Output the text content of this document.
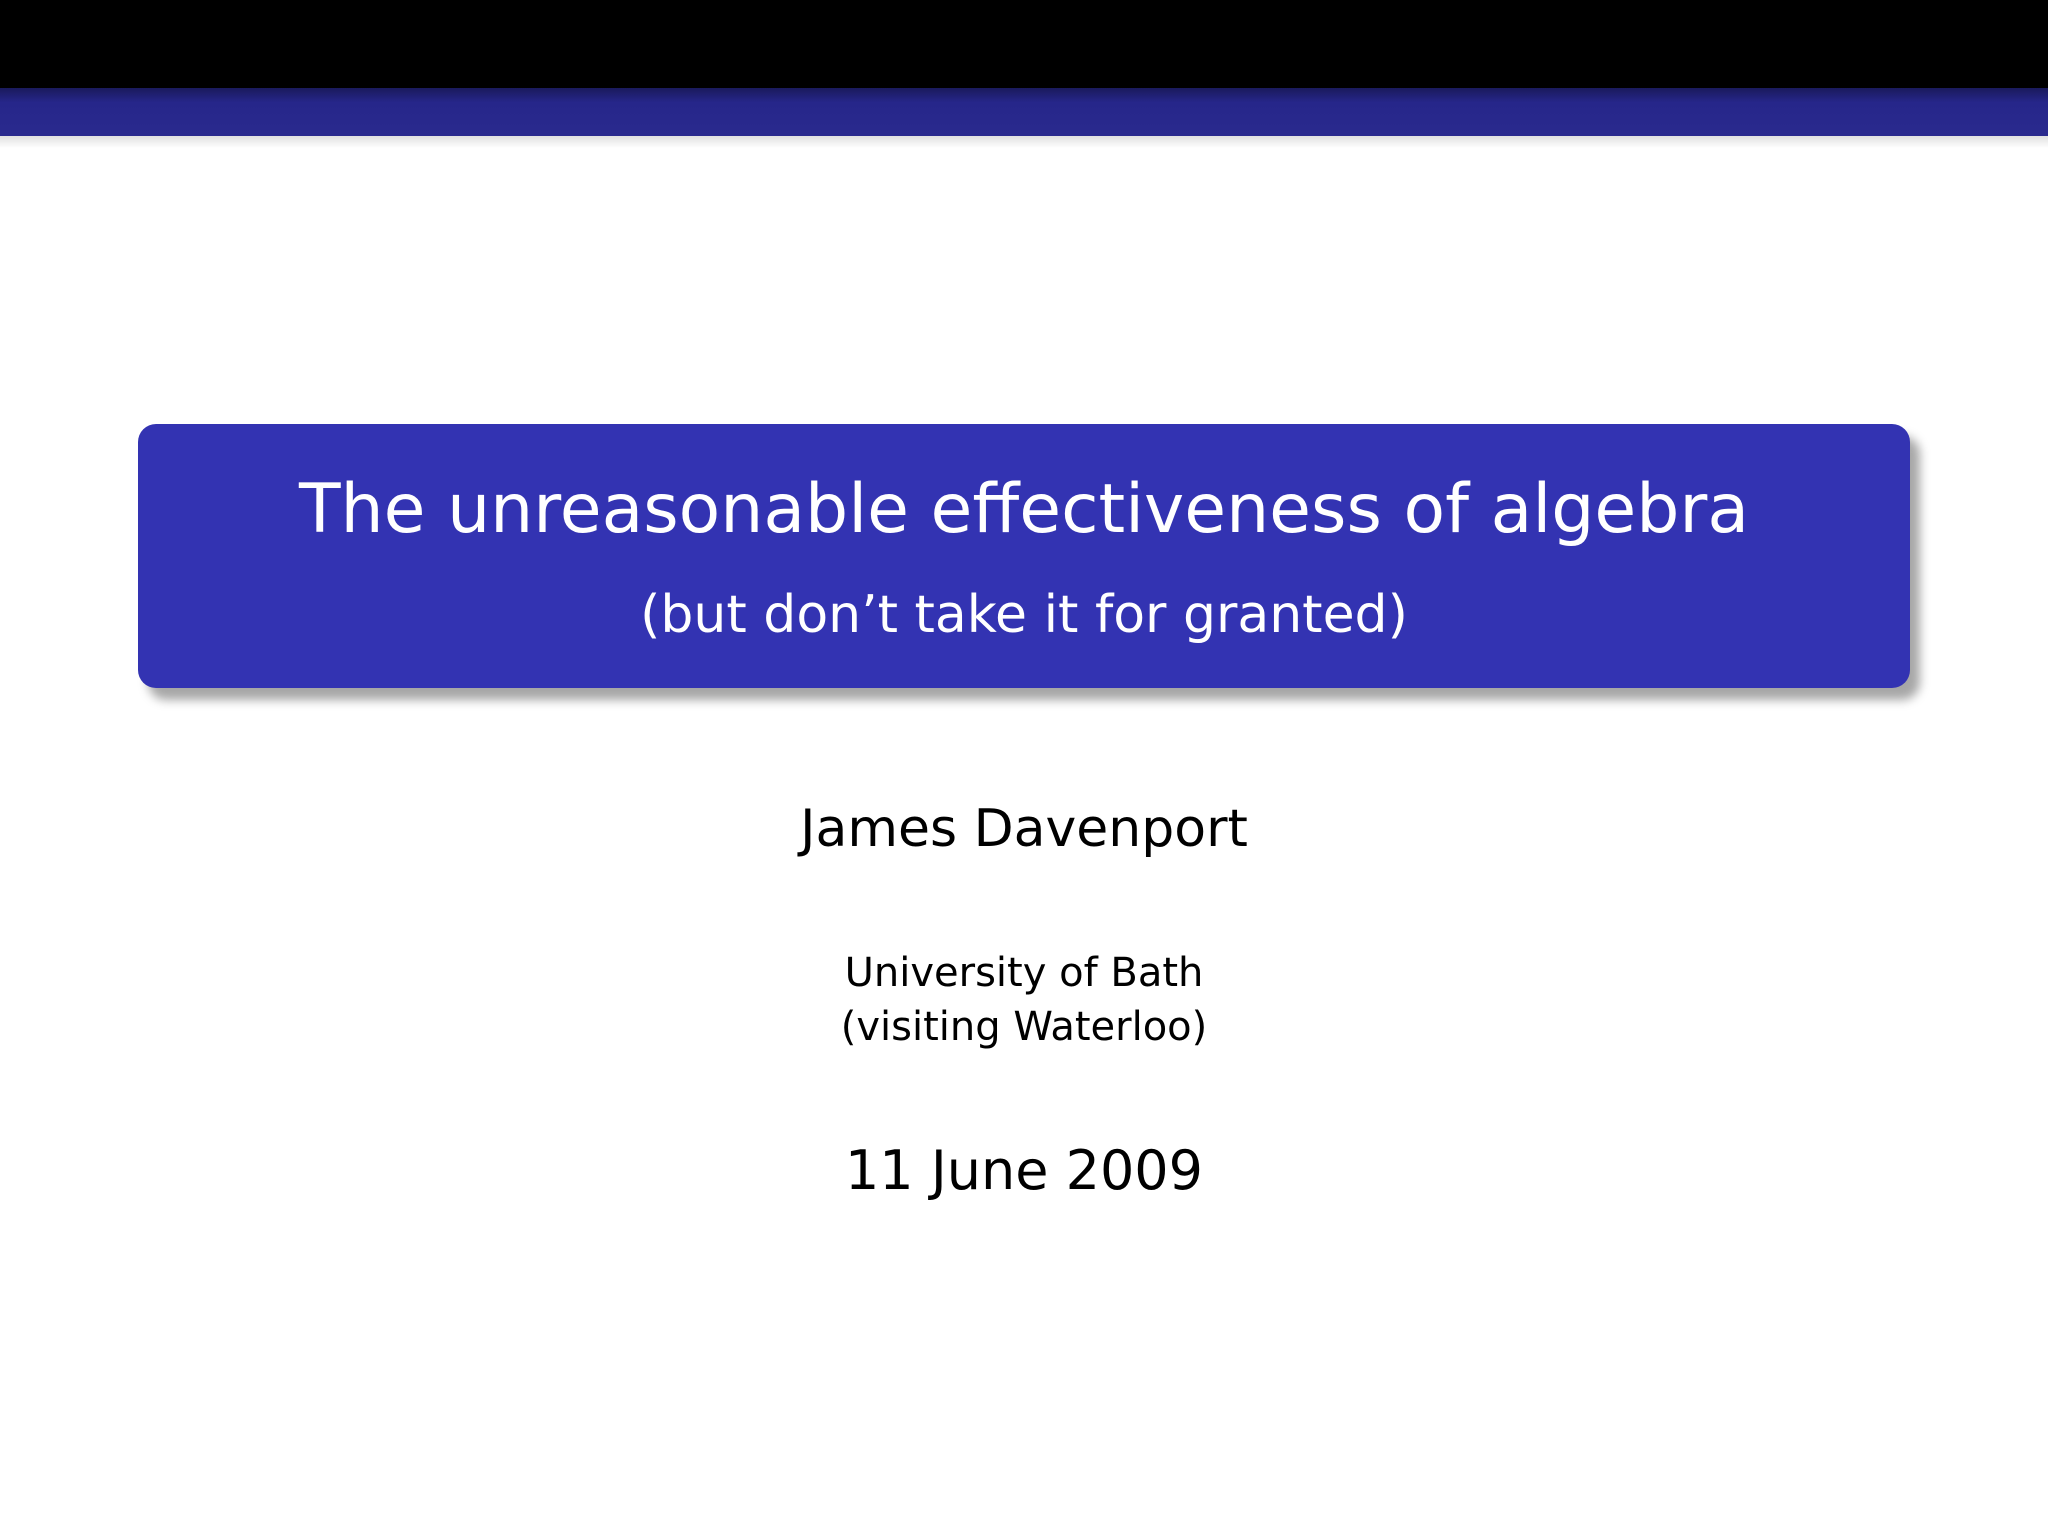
The unreasonable effectiveness of algebra
(but don’t take it for granted)
James Davenport
University of Bath
(visiting Waterloo)
11 June 2009
